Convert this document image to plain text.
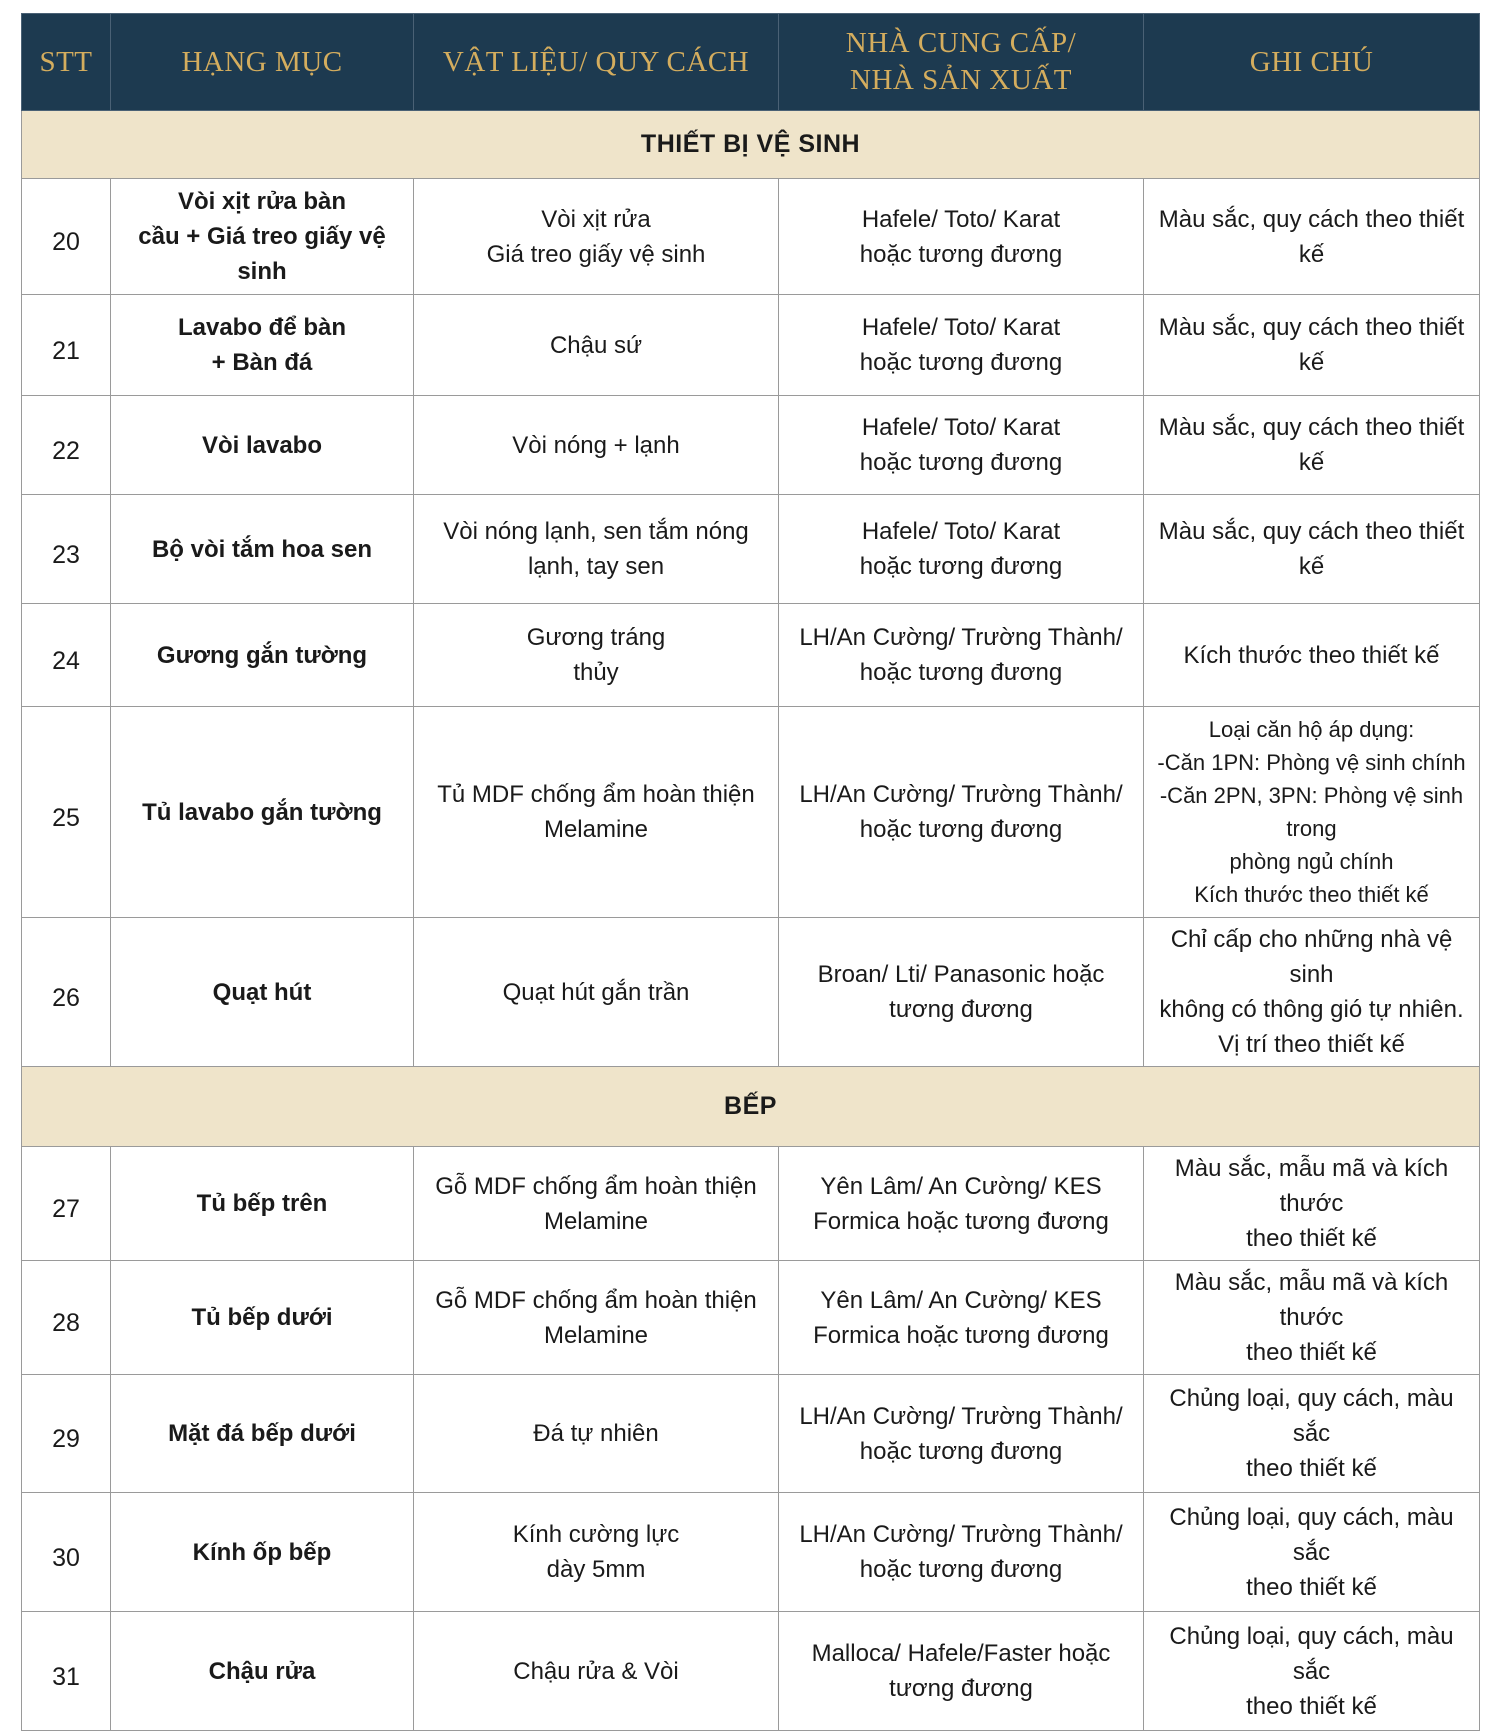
STT	HẠNG MỤC	VẬT LIỆU/ QUY CÁCH	NHÀ CUNG CẤP/
NHÀ SẢN XUẤT	GHI CHÚ
THIẾT BỊ VỆ SINH				
20	Vòi xịt rửa bàn
cầu + Giá treo giấy vệ
sinh	Vòi xịt rửa
Giá treo giấy vệ sinh	Hafele/ Toto/ Karat
hoặc tương đương	Màu sắc, quy cách theo thiết kế
21	Lavabo để bàn
+ Bàn đá	Chậu sứ	Hafele/ Toto/ Karat
hoặc tương đương	Màu sắc, quy cách theo thiết kế
22	Vòi lavabo	Vòi nóng + lạnh	Hafele/ Toto/ Karat
hoặc tương đương	Màu sắc, quy cách theo thiết kế
23	Bộ vòi tắm hoa sen	Vòi nóng lạnh, sen tắm nóng
lạnh, tay sen	Hafele/ Toto/ Karat
hoặc tương đương	Màu sắc, quy cách theo thiết kế
24	Gương gắn tường	Gương tráng
thủy	LH/An Cường/ Trường Thành/
hoặc tương đương	Kích thước theo thiết kế
25	Tủ lavabo gắn tường	Tủ MDF chống ẩm hoàn thiện
Melamine	LH/An Cường/ Trường Thành/
hoặc tương đương	Loại căn hộ áp dụng:
-Căn 1PN: Phòng vệ sinh chính
-Căn 2PN, 3PN: Phòng vệ sinh trong
phòng ngủ chính
Kích thước theo thiết kế
26	Quạt hút	Quạt hút gắn trần	Broan/ Lti/ Panasonic hoặc
tương đương	Chỉ cấp cho những nhà vệ sinh
không có thông gió tự nhiên.
Vị trí theo thiết kế
BẾP				
27	Tủ bếp trên	Gỗ MDF chống ẩm hoàn thiện
Melamine	Yên Lâm/ An Cường/ KES
Formica hoặc tương đương	Màu sắc, mẫu mã và kích thước
theo thiết kế
28	Tủ bếp dưới	Gỗ MDF chống ẩm hoàn thiện
Melamine	Yên Lâm/ An Cường/ KES
Formica hoặc tương đương	Màu sắc, mẫu mã và kích thước
theo thiết kế
29	Mặt đá bếp dưới	Đá tự nhiên	LH/An Cường/ Trường Thành/
hoặc tương đương	Chủng loại, quy cách, màu sắc
theo thiết kế
30	Kính ốp bếp	Kính cường lực
dày 5mm	LH/An Cường/ Trường Thành/
hoặc tương đương	Chủng loại, quy cách, màu sắc
theo thiết kế
31	Chậu rửa	Chậu rửa & Vòi	Malloca/ Hafele/Faster hoặc
tương đương	Chủng loại, quy cách, màu sắc
theo thiết kế
